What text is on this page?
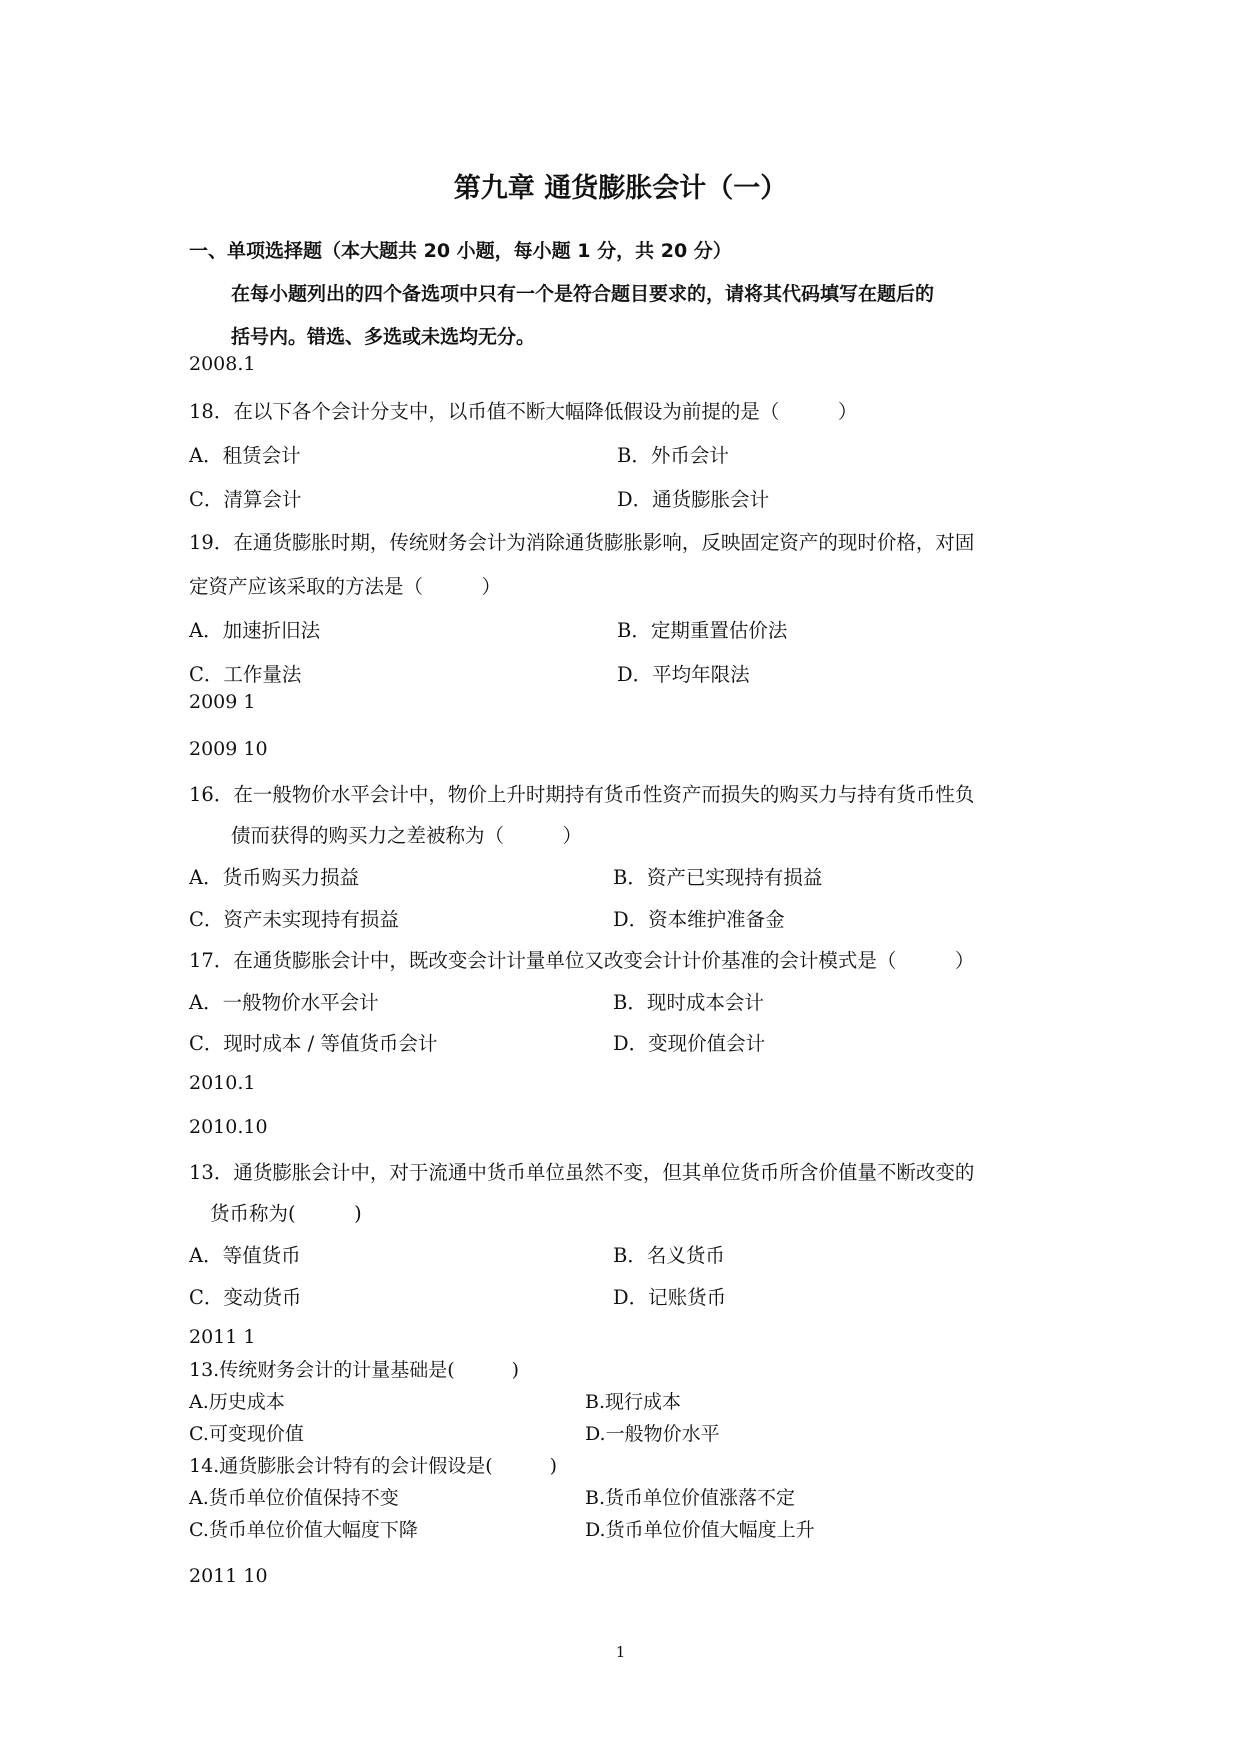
第九章 通货膨胀会计（一）
一、单项选择题（本大题共 20 小题，每小题 1 分，共 20 分）
在每小题列出的四个备选项中只有一个是符合题目要求的，请将其代码填写在题后的
括号内。错选、多选或未选均无分。
2008.1
18．在以下各个会计分支中，以币值不断大幅降低假设为前提的是（　　　）
A．租赁会计	B．外币会计
C．清算会计	D．通货膨胀会计
19．在通货膨胀时期，传统财务会计为消除通货膨胀影响，反映固定资产的现时价格，对固
定资产应该采取的方法是（　　　）
A．加速折旧法	B．定期重置估价法
C．工作量法	D．平均年限法
2009 1
2009 10
16．在一般物价水平会计中，物价上升时期持有货币性资产而损失的购买力与持有货币性负
债而获得的购买力之差被称为（　　　）
A．货币购买力损益	B．资产已实现持有损益
C．资产未实现持有损益	D．资本维护准备金
17．在通货膨胀会计中，既改变会计计量单位又改变会计计价基准的会计模式是（　　　）
A．一般物价水平会计	B．现时成本会计
C．现时成本 / 等值货币会计	D．变现价值会计
2010.1
2010.10
13．通货膨胀会计中，对于流通中货币单位虽然不变，但其单位货币所含价值量不断改变的
货币称为(　　　)
A．等值货币	B．名义货币
C．变动货币	D．记账货币
2011 1
13.传统财务会计的计量基础是(　　　)
A.历史成本	B.现行成本
C.可变现价值	D.一般物价水平
14.通货膨胀会计特有的会计假设是(　　　)
A.货币单位价值保持不变	B.货币单位价值涨落不定
C.货币单位价值大幅度下降	D.货币单位价值大幅度上升
2011 10
1
